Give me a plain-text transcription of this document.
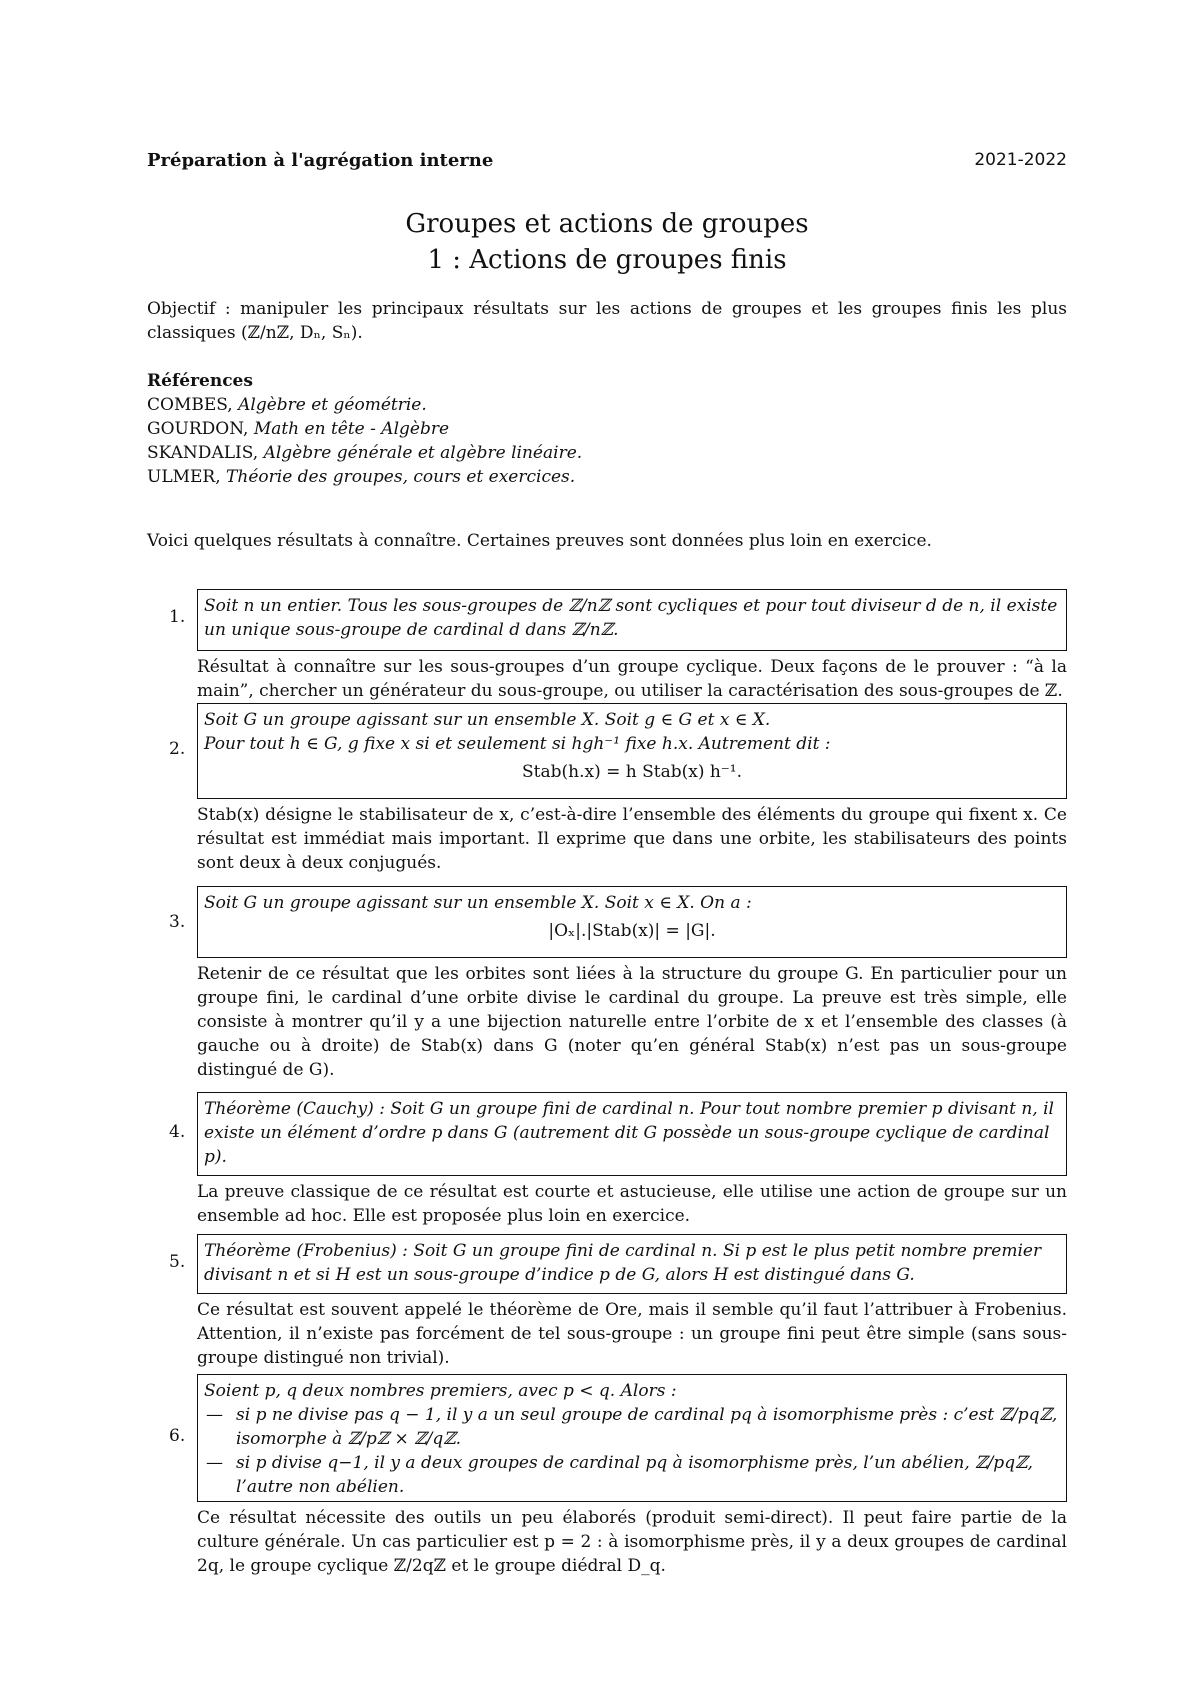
Préparation à l'agrégation interne	2021-2022
Groupes et actions de groupes
1 : Actions de groupes finis
Objectif : manipuler les principaux résultats sur les actions de groupes et les groupes finis les plus classiques (ℤ/nℤ, Dₙ, Sₙ).
Références
COMBES, Algèbre et géométrie.
GOURDON, Math en tête - Algèbre
SKANDALIS, Algèbre générale et algèbre linéaire.
ULMER, Théorie des groupes, cours et exercices.
Voici quelques résultats à connaître. Certaines preuves sont données plus loin en exercice.
1.
Soit n un entier. Tous les sous-groupes de ℤ/nℤ sont cycliques et pour tout diviseur d de n, il existe un unique sous-groupe de cardinal d dans ℤ/nℤ.
Résultat à connaître sur les sous-groupes d’un groupe cyclique. Deux façons de le prouver : “à la main”, chercher un générateur du sous-groupe, ou utiliser la caractérisation des sous-groupes de ℤ.
2.
Soit G un groupe agissant sur un ensemble X. Soit g ∈ G et x ∈ X.
Pour tout h ∈ G, g fixe x si et seulement si hgh⁻¹ fixe h.x. Autrement dit :
Stab(h.x) = h Stab(x) h⁻¹.
Stab(x) désigne le stabilisateur de x, c’est-à-dire l’ensemble des éléments du groupe qui fixent x. Ce résultat est immédiat mais important. Il exprime que dans une orbite, les stabilisateurs des points sont deux à deux conjugués.
3.
Soit G un groupe agissant sur un ensemble X. Soit x ∈ X. On a :
|Oₓ|.|Stab(x)| = |G|.
Retenir de ce résultat que les orbites sont liées à la structure du groupe G. En particulier pour un groupe fini, le cardinal d’une orbite divise le cardinal du groupe. La preuve est très simple, elle consiste à montrer qu’il y a une bijection naturelle entre l’orbite de x et l’ensemble des classes (à gauche ou à droite) de Stab(x) dans G (noter qu’en général Stab(x) n’est pas un sous-groupe distingué de G).
4.
Théorème (Cauchy) : Soit G un groupe fini de cardinal n. Pour tout nombre premier p divisant n, il existe un élément d’ordre p dans G (autrement dit G possède un sous-groupe cyclique de cardinal p).
La preuve classique de ce résultat est courte et astucieuse, elle utilise une action de groupe sur un ensemble ad hoc. Elle est proposée plus loin en exercice.
5.
Théorème (Frobenius) : Soit G un groupe fini de cardinal n. Si p est le plus petit nombre premier divisant n et si H est un sous-groupe d’indice p de G, alors H est distingué dans G.
Ce résultat est souvent appelé le théorème de Ore, mais il semble qu’il faut l’attribuer à Frobenius. Attention, il n’existe pas forcément de tel sous-groupe : un groupe fini peut être simple (sans sous-groupe distingué non trivial).
6.
Soient p, q deux nombres premiers, avec p < q. Alors :
— si p ne divise pas q − 1, il y a un seul groupe de cardinal pq à isomorphisme près : c’est ℤ/pqℤ, isomorphe à ℤ/pℤ × ℤ/qℤ.
— si p divise q−1, il y a deux groupes de cardinal pq à isomorphisme près, l’un abélien, ℤ/pqℤ, l’autre non abélien.
Ce résultat nécessite des outils un peu élaborés (produit semi-direct). Il peut faire partie de la culture générale. Un cas particulier est p = 2 : à isomorphisme près, il y a deux groupes de cardinal 2q, le groupe cyclique ℤ/2qℤ et le groupe diédral D_q.
